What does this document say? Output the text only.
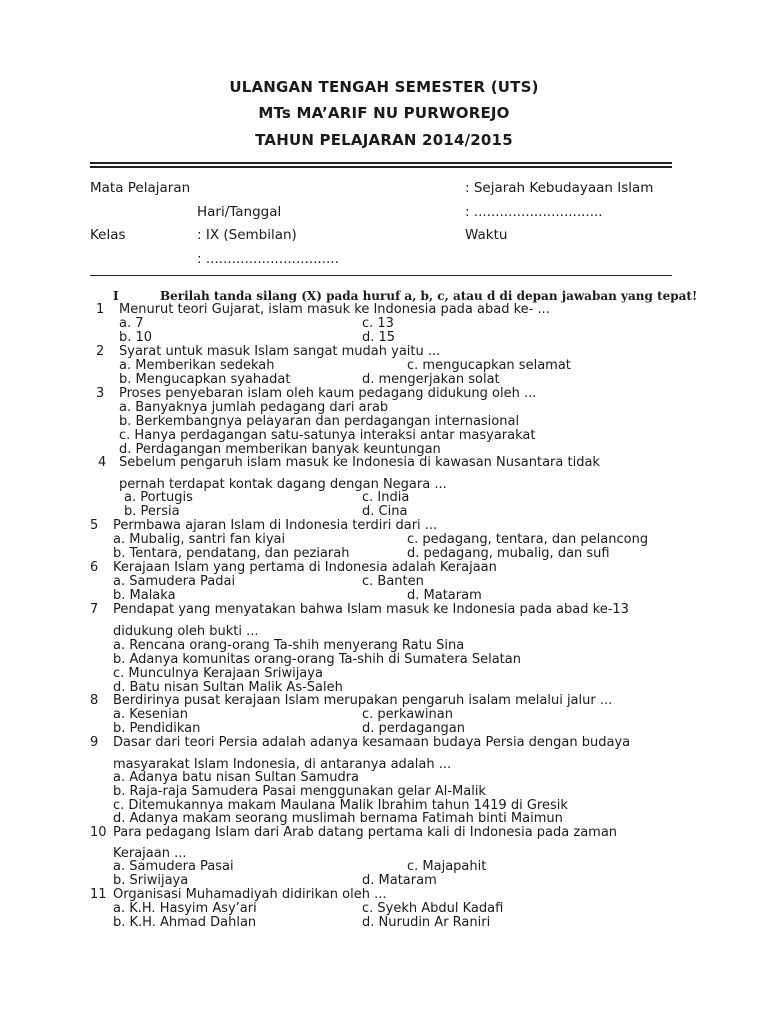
ULANGAN TENGAH SEMESTER (UTS)
MTs MA’ARIF NU PURWOREJO
TAHUN PELAJARAN 2014/2015
Mata Pelajaran	: Sejarah Kebudayaan Islam
Hari/Tanggal	: ..............................
Kelas	: IX (Sembilan)	Waktu
: ...............................
I	Berilah tanda silang (X) pada huruf a, b, c, atau d di depan jawaban yang tepat!
1 Menurut teori Gujarat, islam masuk ke Indonesia pada abad ke- ...
a. 7	c. 13
b. 10	d. 15
2 Syarat untuk masuk Islam sangat mudah yaitu ...
a. Memberikan sedekah	c. mengucapkan selamat
b. Mengucapkan syahadat	d. mengerjakan solat
3 Proses penyebaran islam oleh kaum pedagang didukung oleh ...
a. Banyaknya jumlah pedagang dari arab
b. Berkembangnya pelayaran dan perdagangan internasional
c. Hanya perdagangan satu-satunya interaksi antar masyarakat
d. Perdagangan memberikan banyak keuntungan
4 Sebelum pengaruh islam masuk ke Indonesia di kawasan Nusantara tidak
pernah terdapat kontak dagang dengan Negara ...
a. Portugis	c. India
b. Persia	d. Cina
5 Permbawa ajaran Islam di Indonesia terdiri dari ...
a. Mubalig, santri fan kiyai	c. pedagang, tentara, dan pelancong
b. Tentara, pendatang, dan peziarah	d. pedagang, mubalig, dan sufi
6 Kerajaan Islam yang pertama di Indonesia adalah Kerajaan
a. Samudera Padai	c. Banten
b. Malaka	d. Mataram
7 Pendapat yang menyatakan bahwa Islam masuk ke Indonesia pada abad ke-13
didukung oleh bukti ...
a. Rencana orang-orang Ta-shih menyerang Ratu Sina
b. Adanya komunitas orang-orang Ta-shih di Sumatera Selatan
c. Munculnya Kerajaan Sriwijaya
d. Batu nisan Sultan Malik As-Saleh
8 Berdirinya pusat kerajaan Islam merupakan pengaruh isalam melalui jalur ...
a. Kesenian	c. perkawinan
b. Pendidikan	d. perdagangan
9 Dasar dari teori Persia adalah adanya kesamaan budaya Persia dengan budaya
masyarakat Islam Indonesia, di antaranya adalah ...
a. Adanya batu nisan Sultan Samudra
b. Raja-raja Samudera Pasai menggunakan gelar Al-Malik
c. Ditemukannya makam Maulana Malik Ibrahim tahun 1419 di Gresik
d. Adanya makam seorang muslimah bernama Fatimah binti Maimun
10 Para pedagang Islam dari Arab datang pertama kali di Indonesia pada zaman
Kerajaan ...
a. Samudera Pasai	c. Majapahit
b. Sriwijaya	d. Mataram
11 Organisasi Muhamadiyah didirikan oleh ...
a. K.H. Hasyim Asy’ari	c. Syekh Abdul Kadafi
b. K.H. Ahmad Dahlan	d. Nurudin Ar Raniri
